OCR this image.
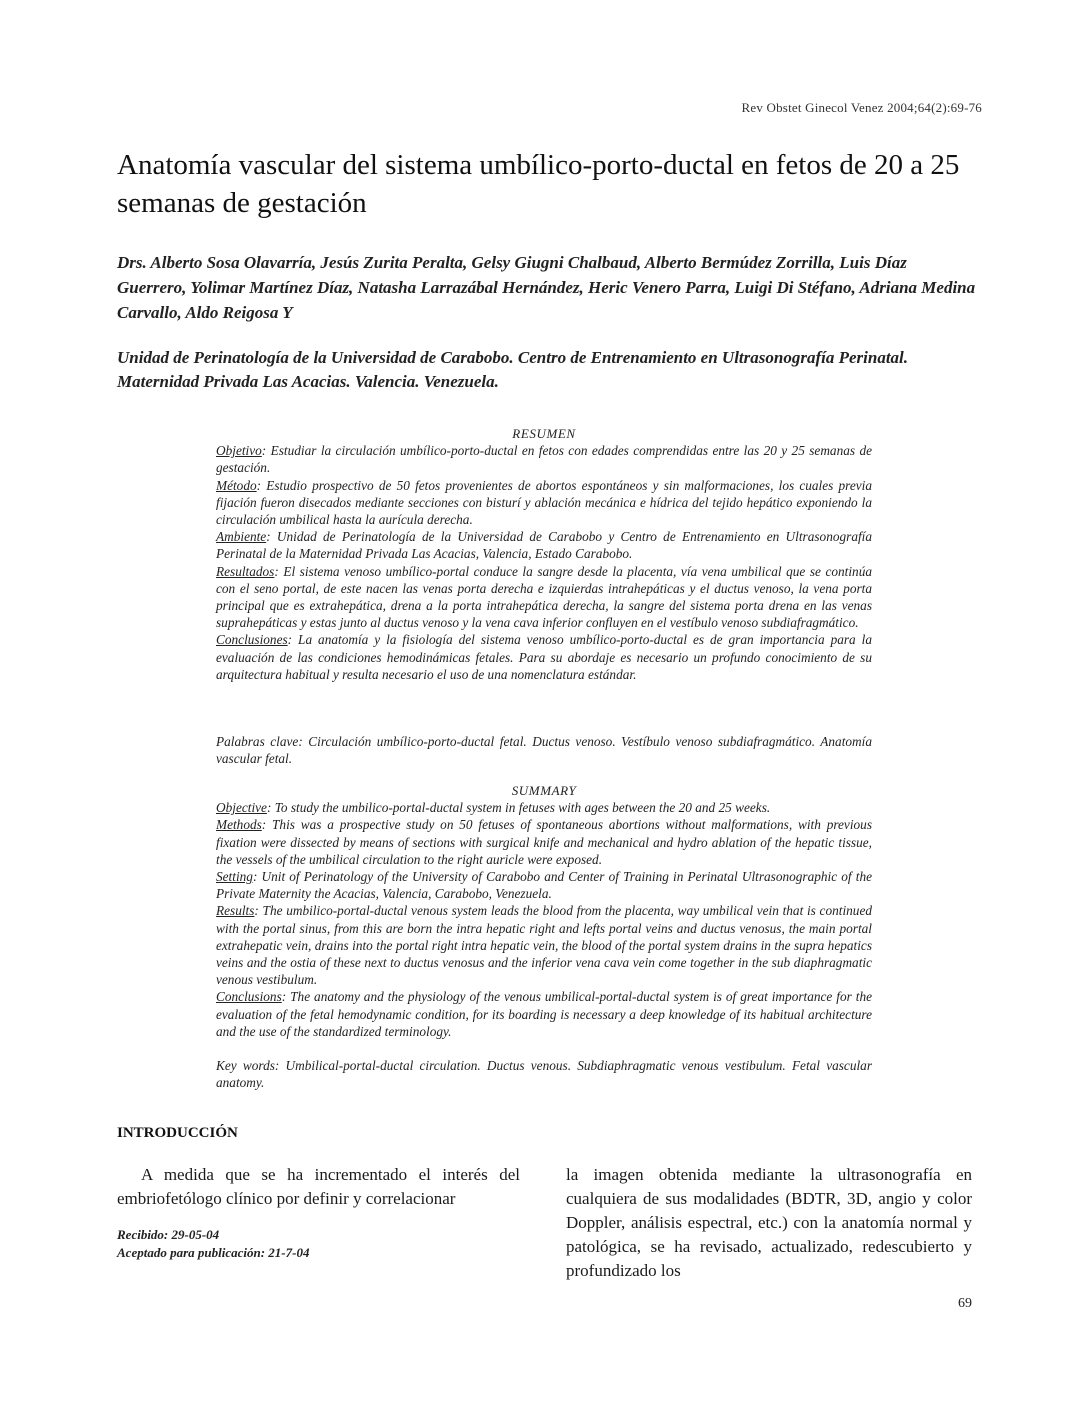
Rev Obstet Ginecol Venez 2004;64(2):69-76
Anatomía vascular del sistema umbílico-porto-ductal en fetos de 20 a 25 semanas de gestación

Drs. Alberto Sosa Olavarría, Jesús Zurita Peralta, Gelsy Giugni Chalbaud, Alberto Bermúdez Zorrilla, Luis Díaz Guerrero, Yolimar Martínez Díaz, Natasha Larrazábal Hernández, Heric Venero Parra, Luigi Di Stéfano, Adriana Medina Carvallo, Aldo Reigosa Y

Unidad de Perinatología de la Universidad de Carabobo. Centro de Entrenamiento en Ultrasonografía Perinatal. Maternidad Privada Las Acacias. Valencia. Venezuela.

RESUMEN

Objetivo: Estudiar la circulación umbílico-porto-ductal en fetos con edades comprendidas entre las 20 y 25 semanas de gestación.

Método: Estudio prospectivo de 50 fetos provenientes de abortos espontáneos y sin malformaciones, los cuales previa fijación fueron disecados mediante secciones con bisturí y ablación mecánica e hídrica del tejido hepático exponiendo la circulación umbilical hasta la aurícula derecha.

Ambiente: Unidad de Perinatología de la Universidad de Carabobo y Centro de Entrenamiento en Ultrasonografía Perinatal de la Maternidad Privada Las Acacias, Valencia, Estado Carabobo.

Resultados: El sistema venoso umbílico-portal conduce la sangre desde la placenta, vía vena umbilical que se continúa con el seno portal, de este nacen las venas porta derecha e izquierdas intrahepáticas y el ductus venoso, la vena porta principal que es extrahepática, drena a la porta intrahepática derecha, la sangre del sistema porta drena en las venas suprahepáticas y estas junto al ductus venoso y la vena cava inferior confluyen en el vestíbulo venoso subdiafragmático.

Conclusiones: La anatomía y la fisiología del sistema venoso umbílico-porto-ductal es de gran importancia para la evaluación de las condiciones hemodinámicas fetales. Para su abordaje es necesario un profundo conocimiento de su arquitectura habitual y resulta necesario el uso de una nomenclatura estándar.

Palabras clave: Circulación umbílico-porto-ductal fetal. Ductus venoso. Vestíbulo venoso subdiafragmático. Anatomía vascular fetal.

SUMMARY

Objective: To study the umbilico-portal-ductal system in fetuses with ages between the 20 and 25 weeks.

Methods: This was a prospective study on 50 fetuses of spontaneous abortions without malformations, with previous fixation were dissected by means of sections with surgical knife and mechanical and hydro ablation of the hepatic tissue, the vessels of the umbilical circulation to the right auricle were exposed.

Setting: Unit of Perinatology of the University of Carabobo and Center of Training in Perinatal Ultrasonographic of the Private Maternity the Acacias, Valencia, Carabobo, Venezuela.

Results: The umbilico-portal-ductal venous system leads the blood from the placenta, way umbilical vein that is continued with the portal sinus, from this are born the intra hepatic right and lefts portal veins and ductus venosus, the main portal extrahepatic vein, drains into the portal right intra hepatic vein, the blood of the portal system drains in the supra hepatics veins and the ostia of these next to ductus venosus and the inferior vena cava vein come together in the sub diaphragmatic venous vestibulum.

Conclusions: The anatomy and the physiology of the venous umbilical-portal-ductal system is of great importance for the evaluation of the fetal hemodynamic condition, for its boarding is necessary a deep knowledge of its habitual architecture and the use of the standardized terminology.

Key words: Umbilical-portal-ductal circulation. Ductus venous. Subdiaphragmatic venous vestibulum. Fetal vascular anatomy.

INTRODUCCIÓN

A medida que se ha incrementado el interés del embriofetólogo clínico por definir y correlacionar

la imagen obtenida mediante la ultrasonografía en cualquiera de sus modalidades (BDTR, 3D, angio y color Doppler, análisis espectral, etc.) con la anatomía normal y patológica, se ha revisado, actualizado, redescubierto y profundizado los

Recibido: 29-05-04
Aceptado para publicación: 21-7-04
69
